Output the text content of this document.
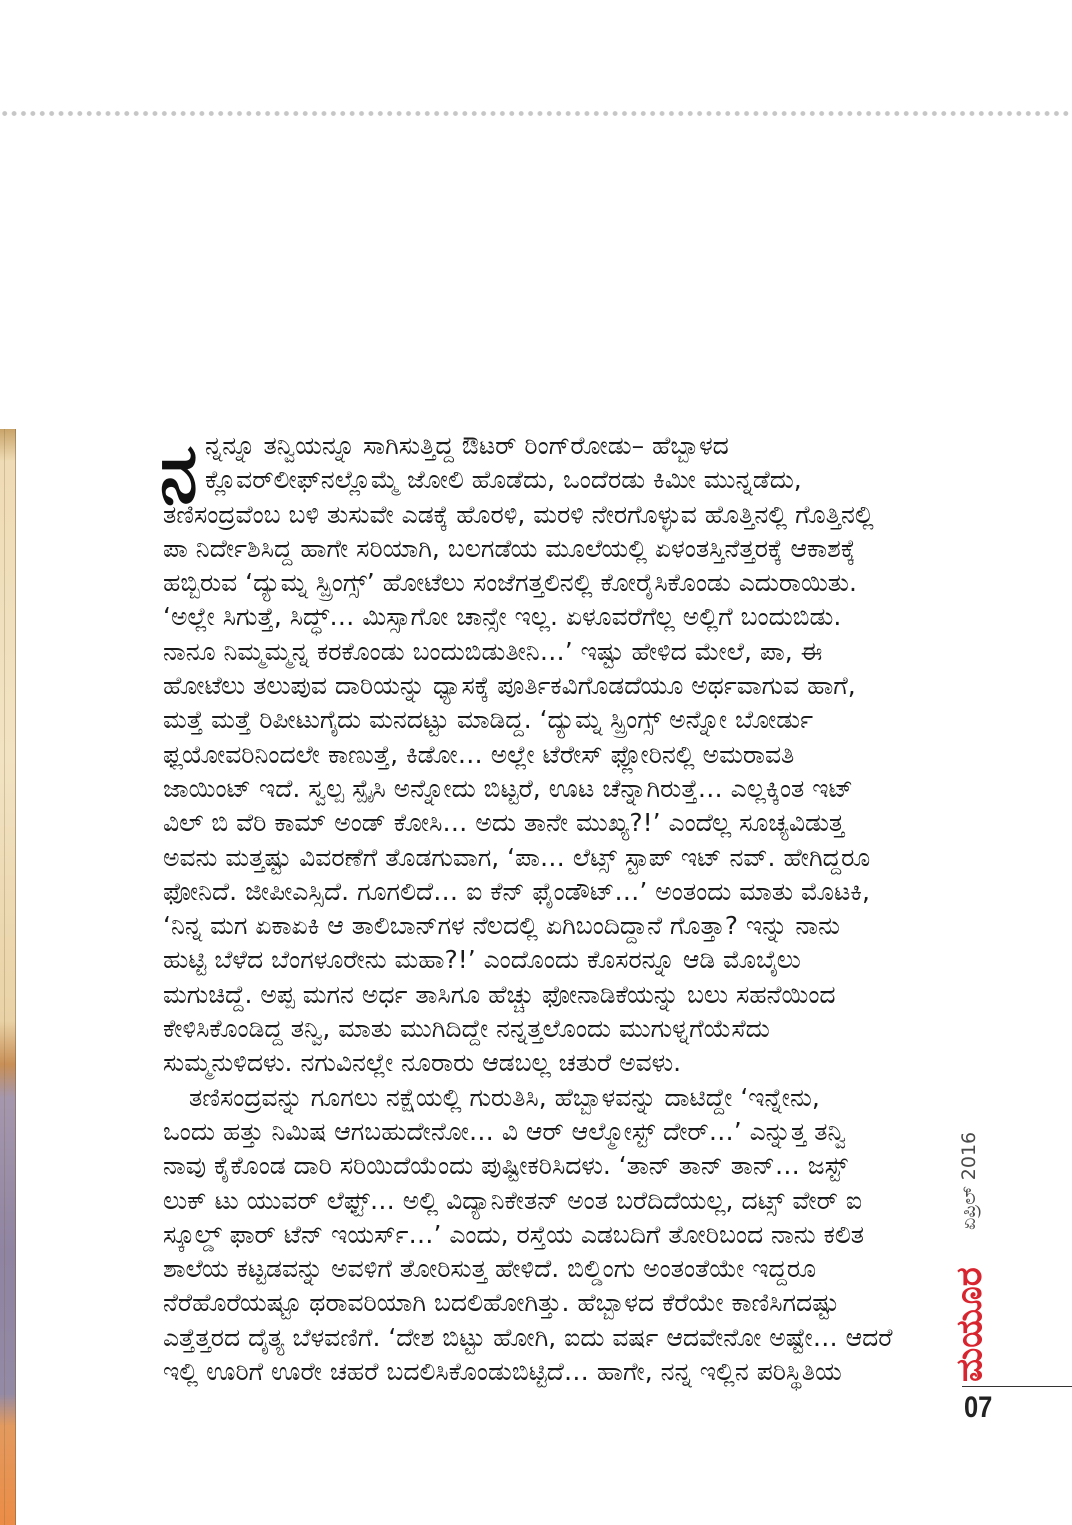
ನ ನ್ನನ್ನೂ ತನ್ವಿಯನ್ನೂ ಸಾಗಿಸುತ್ತಿದ್ದ ಔಟರ್ ರಿಂಗ್‌ರೋಡು– ಹೆಬ್ಬಾಳದ
ಕ್ಲೊವರ್‌ಲೀಫ್‌ನಲ್ಲೊಮ್ಮೆ ಜೋಲಿ ಹೊಡೆದು, ಒಂದೆರಡು ಕಿಮೀ ಮುನ್ನಡೆದು,
ತಣಿಸಂದ್ರವೆಂಬ ಬಳಿ ತುಸುವೇ ಎಡಕ್ಕೆ ಹೊರಳಿ, ಮರಳಿ ನೇರಗೊಳ್ಳುವ ಹೊತ್ತಿನಲ್ಲಿ ಗೊತ್ತಿನಲ್ಲಿ
ಪಾ ನಿರ್ದೇಶಿಸಿದ್ದ ಹಾಗೇ ಸರಿಯಾಗಿ, ಬಲಗಡೆಯ ಮೂಲೆಯಲ್ಲಿ ಏಳಂತಸ್ತಿನೆತ್ತರಕ್ಕೆ ಆಕಾಶಕ್ಕೆ
ಹಬ್ಬಿರುವ ‘ದ್ಯುಮ್ನ ಸ್ಪ್ರಿಂಗ್ಸ್’ ಹೋಟೆಲು ಸಂಜೆಗತ್ತಲಿನಲ್ಲಿ ಕೋರೈಸಿಕೊಂಡು ಎದುರಾಯಿತು.
‘ಅಲ್ಲೇ ಸಿಗುತ್ತೆ, ಸಿದ್ಧ್… ಮಿಸ್ಸಾಗೋ ಚಾನ್ಸೇ ಇಲ್ಲ. ಏಳೂವರೆಗೆಲ್ಲ ಅಲ್ಲಿಗೆ ಬಂದುಬಿಡು.
ನಾನೂ ನಿಮ್ಮಮ್ಮನ್ನ ಕರಕೊಂಡು ಬಂದುಬಿಡುತೀನಿ…’ ಇಷ್ಟು ಹೇಳಿದ ಮೇಲೆ, ಪಾ, ಈ
ಹೋಟೆಲು ತಲುಪುವ ದಾರಿಯನ್ನು ಧ್ಯಾಸಕ್ಕೆ ಪೂರ್ತಿಕವಿಗೊಡದೆಯೂ ಅರ್ಥವಾಗುವ ಹಾಗೆ,
ಮತ್ತೆ ಮತ್ತೆ ರಿಪೀಟುಗೈದು ಮನದಟ್ಟು ಮಾಡಿದ್ದ. ‘ದ್ಯುಮ್ನ ಸ್ಪ್ರಿಂಗ್ಸ್ ಅನ್ನೋ ಬೋರ್ಡು
ಫ್ಲಯೋವರಿನಿಂದಲೇ ಕಾಣುತ್ತೆ, ಕಿಡೋ… ಅಲ್ಲೇ ಟೆರೇಸ್ ಫ್ಲೋರಿನಲ್ಲಿ ಅಮರಾವತಿ
ಜಾಯಿಂಟ್ ಇದೆ. ಸ್ವಲ್ಪ ಸ್ಪೈಸಿ ಅನ್ನೋದು ಬಿಟ್ಟರೆ, ಊಟ ಚೆನ್ನಾಗಿರುತ್ತೆ… ಎಲ್ಲಕ್ಕಿಂತ ಇಟ್
ವಿಲ್ ಬಿ ವೆರಿ ಕಾಮ್ ಅಂಡ್ ಕೋಸಿ… ಅದು ತಾನೇ ಮುಖ್ಯ?!’ ಎಂದೆಲ್ಲ ಸೂಚ್ಯವಿಡುತ್ತ
ಅವನು ಮತ್ತಷ್ಟು ವಿವರಣೆಗೆ ತೊಡಗುವಾಗ, ‘ಪಾ… ಲೆಟ್ಸ್ ಸ್ಟಾಪ್ ಇಟ್ ನವ್. ಹೇಗಿದ್ದರೂ
ಫೋನಿದೆ. ಜೀಪೀಎಸ್ಸಿದೆ. ಗೂಗಲಿದೆ… ಐ ಕೆನ್ ಫೈಂಡೌಟ್…’ ಅಂತಂದು ಮಾತು ಮೊಟಕಿ,
‘ನಿನ್ನ ಮಗ ಏಕಾಏಕಿ ಆ ತಾಲಿಬಾನ್‌ಗಳ ನೆಲದಲ್ಲಿ ಏಗಿಬಂದಿದ್ದಾನೆ ಗೊತ್ತಾ? ಇನ್ನು ನಾನು
ಹುಟ್ಟಿ ಬೆಳೆದ ಬೆಂಗಳೂರೇನು ಮಹಾ?!’ ಎಂದೊಂದು ಕೊಸರನ್ನೂ ಆಡಿ ಮೊಬೈಲು
ಮಗುಚಿದ್ದೆ. ಅಪ್ಪ ಮಗನ ಅರ್ಧ ತಾಸಿಗೂ ಹೆಚ್ಚು ಫೋನಾಡಿಕೆಯನ್ನು ಬಲು ಸಹನೆಯಿಂದ
ಕೇಳಿಸಿಕೊಂಡಿದ್ದ ತನ್ವಿ, ಮಾತು ಮುಗಿದಿದ್ದೇ ನನ್ನತ್ತಲೊಂದು ಮುಗುಳ್ನಗೆಯೆಸೆದು
ಸುಮ್ಮನುಳಿದಳು. ನಗುವಿನಲ್ಲೇ ನೂರಾರು ಆಡಬಲ್ಲ ಚತುರೆ ಅವಳು.
ತಣಿಸಂದ್ರವನ್ನು ಗೂಗಲು ನಕ್ಷೆಯಲ್ಲಿ ಗುರುತಿಸಿ, ಹೆಬ್ಬಾಳವನ್ನು ದಾಟಿದ್ದೇ ‘ಇನ್ನೇನು,
ಒಂದು ಹತ್ತು ನಿಮಿಷ ಆಗಬಹುದೇನೋ… ವಿ ಆರ್ ಆಲ್ಮೋಸ್ಟ್ ದೇರ್…’ ಎನ್ನುತ್ತ ತನ್ವಿ
ನಾವು ಕೈಕೊಂಡ ದಾರಿ ಸರಿಯಿದೆಯೆಂದು ಪುಷ್ಟೀಕರಿಸಿದಳು. ‘ತಾನ್ ತಾನ್ ತಾನ್… ಜಸ್ಟ್
ಲುಕ್ ಟು ಯುವರ್ ಲೆಫ್ಟ್… ಅಲ್ಲಿ ವಿದ್ಯಾನಿಕೇತನ್ ಅಂತ ಬರೆದಿದೆಯಲ್ಲ, ದಟ್ಸ್ ವೇರ್ ಐ
ಸ್ಕೂಲ್ಡ್ ಫಾರ್ ಟೆನ್ ಇಯರ್ಸ್…’ ಎಂದು, ರಸ್ತೆಯ ಎಡಬದಿಗೆ ತೋರಿಬಂದ ನಾನು ಕಲಿತ
ಶಾಲೆಯ ಕಟ್ಟಡವನ್ನು ಅವಳಿಗೆ ತೋರಿಸುತ್ತ ಹೇಳಿದೆ. ಬಿಲ್ಡಿಂಗು ಅಂತಂತೆಯೇ ಇದ್ದರೂ
ನೆರೆಹೊರೆಯಷ್ಟೂ ಥರಾವರಿಯಾಗಿ ಬದಲಿಹೋಗಿತ್ತು. ಹೆಬ್ಬಾಳದ ಕೆರೆಯೇ ಕಾಣಿಸಿಗದಷ್ಟು
ಎತ್ತೆತ್ತರದ ದೈತ್ಯ ಬೆಳವಣಿಗೆ. ‘ದೇಶ ಬಿಟ್ಟು ಹೋಗಿ, ಐದು ವರ್ಷ ಆದವೇನೋ ಅಷ್ಟೇ… ಆದರೆ
ಇಲ್ಲಿ ಊರಿಗೆ ಊರೇ ಚಹರೆ ಬದಲಿಸಿಕೊಂಡುಬಿಟ್ಟಿದೆ… ಹಾಗೇ, ನನ್ನ ಇಲ್ಲಿನ ಪರಿಸ್ಥಿತಿಯ
ಏಪ್ರಿಲ್ 2016
ಮಯೂರ
07
